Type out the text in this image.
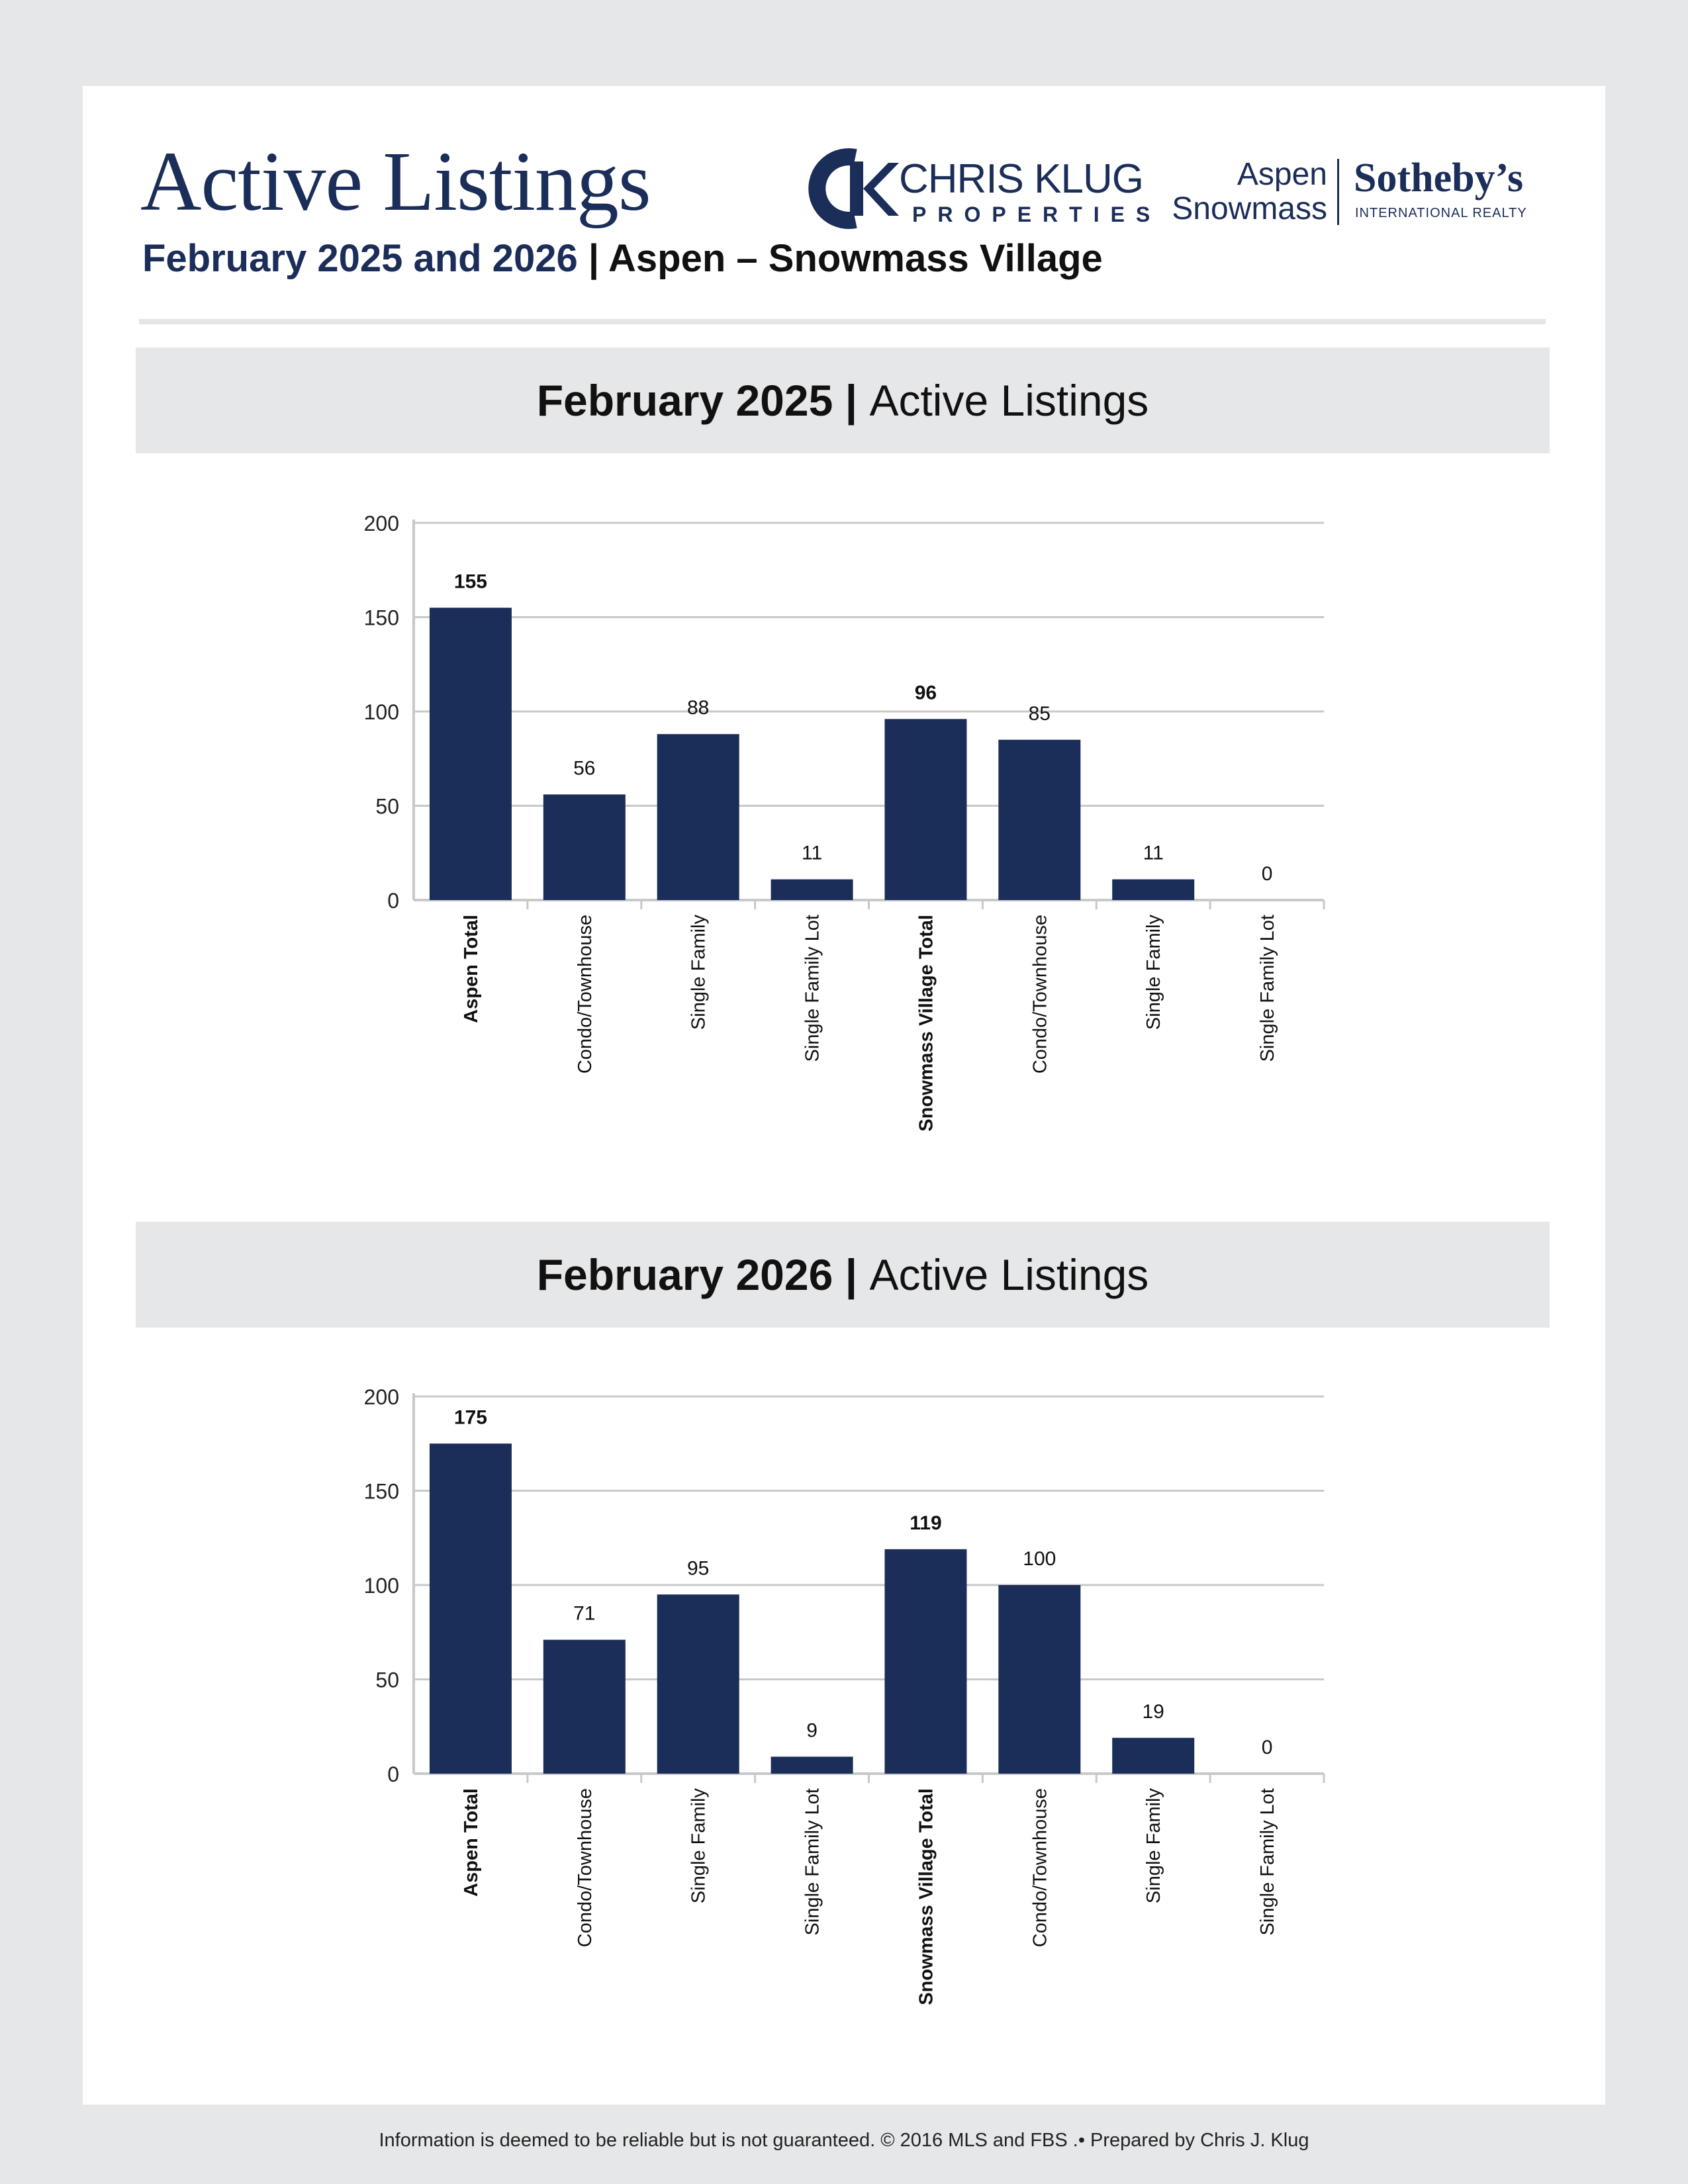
Active Listings
February 2025 and 2026 | Aspen – Snowmass Village
CHRIS KLUG
PROPERTIES
Aspen
Snowmass
Sotheby’s
INTERNATIONAL REALTY
February 2025 | Active Listings
0
50
100
150
200
155
Aspen Total
56
Condo/Townhouse
88
Single Family
11
Single Family Lot
96
Snowmass Village Total
85
Condo/Townhouse
11
Single Family
0
Single Family Lot
February 2026 | Active Listings
0
50
100
150
200
175
Aspen Total
71
Condo/Townhouse
95
Single Family
9
Single Family Lot
119
Snowmass Village Total
100
Condo/Townhouse
19
Single Family
0
Single Family Lot
Information is deemed to be reliable but is not guaranteed. © 2016 MLS and FBS .• Prepared by Chris J. Klug
